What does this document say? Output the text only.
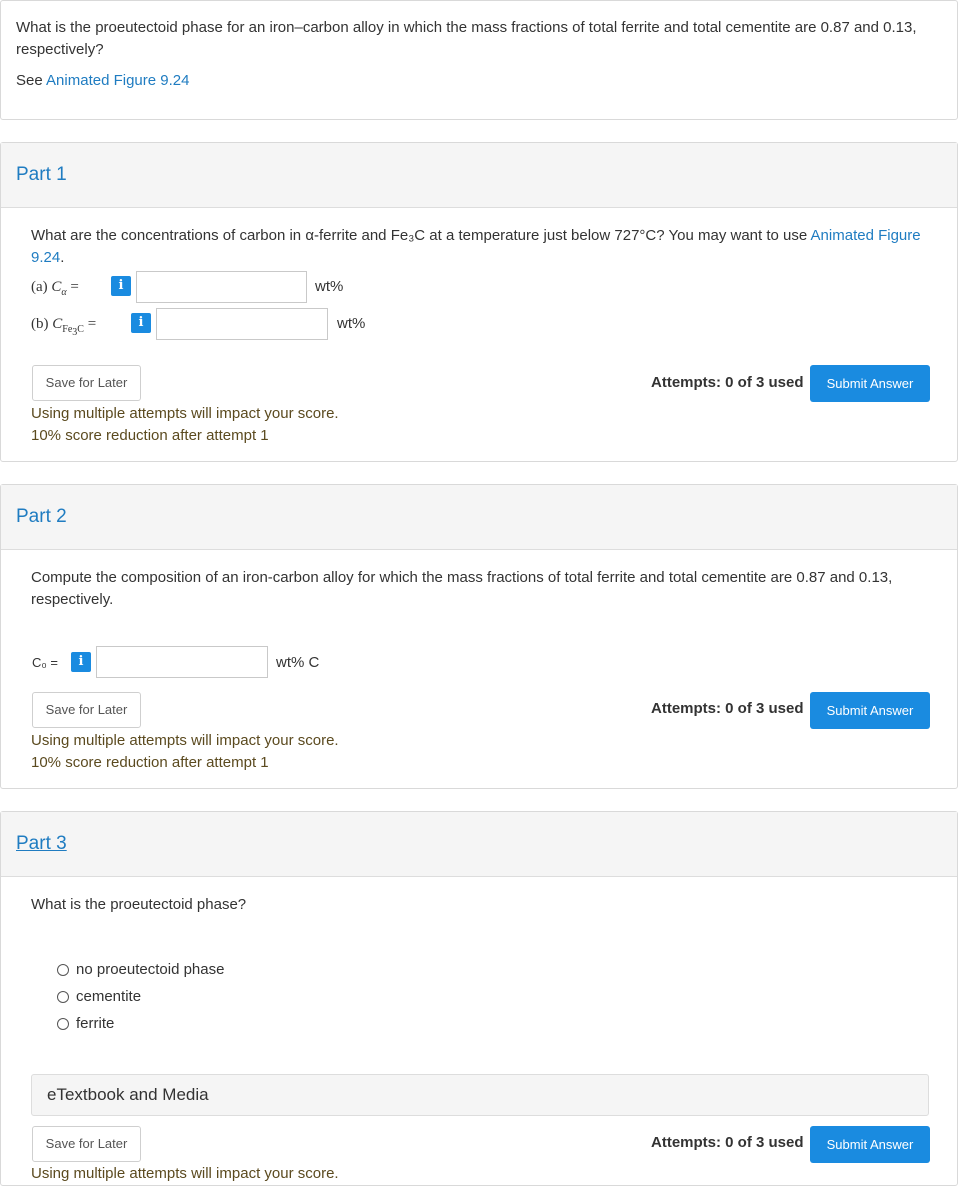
What is the proeutectoid phase for an iron–carbon alloy in which the mass fractions of total ferrite and total cementite are 0.87 and 0.13, respectively?

See Animated Figure 9.24
Part 1
What are the concentrations of carbon in α-ferrite and Fe₃C at a temperature just below 727°C? You may want to use Animated Figure 9.24.
(a) $C_\alpha$ =	i	wt%
(b) $C_{Fe_3C}$ =	i	wt%
Save for Later	Attempts: 0 of 3 used	Submit Answer
Using multiple attempts will impact your score.
10% score reduction after attempt 1
Part 2
Compute the composition of an iron-carbon alloy for which the mass fractions of total ferrite and total cementite are 0.87 and 0.13, respectively.
C₀ =	i	wt% C
Save for Later	Attempts: 0 of 3 used	Submit Answer
Using multiple attempts will impact your score.
10% score reduction after attempt 1
Part 3
What is the proeutectoid phase?
no proeutectoid phase
cementite
ferrite
eTextbook and Media
Save for Later	Attempts: 0 of 3 used	Submit Answer
Using multiple attempts will impact your score.
